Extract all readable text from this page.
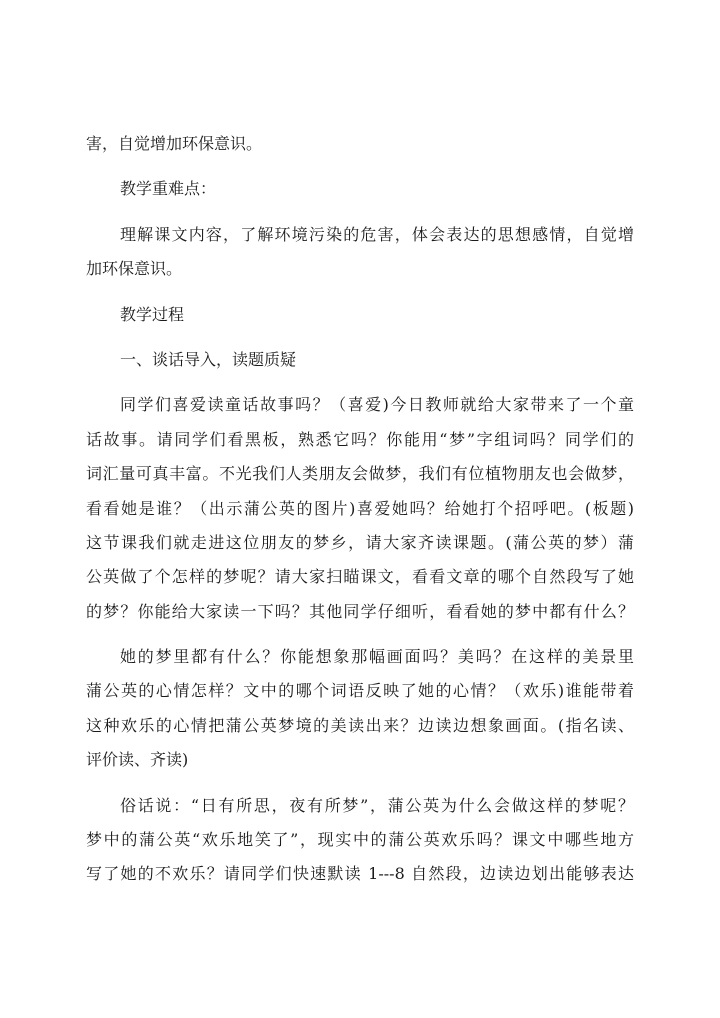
害，自觉增加环保意识。
教学重难点：
理解课文内容，了解环境污染的危害，体会表达的思想感情，自觉增
加环保意识。
教学过程
一、谈话导入，读题质疑
同学们喜爱读童话故事吗？（喜爱)今日教师就给大家带来了一个童
话故事。请同学们看黑板，熟悉它吗？你能用“梦”字组词吗？同学们的
词汇量可真丰富。不光我们人类朋友会做梦，我们有位植物朋友也会做梦，
看看她是谁？（出示蒲公英的图片)喜爱她吗？给她打个招呼吧。(板题)
这节课我们就走进这位朋友的梦乡，请大家齐读课题。(蒲公英的梦）蒲
公英做了个怎样的梦呢？请大家扫瞄课文，看看文章的哪个自然段写了她
的梦？你能给大家读一下吗？其他同学仔细听，看看她的梦中都有什么？
她的梦里都有什么？你能想象那幅画面吗？美吗？在这样的美景里
蒲公英的心情怎样？文中的哪个词语反映了她的心情？（欢乐)谁能带着
这种欢乐的心情把蒲公英梦境的美读出来？边读边想象画面。(指名读、
评价读、齐读)
俗话说：“日有所思，夜有所梦”，蒲公英为什么会做这样的梦呢？
梦中的蒲公英“欢乐地笑了”，现实中的蒲公英欢乐吗？课文中哪些地方
写了她的不欢乐？请同学们快速默读 1---8 自然段，边读边划出能够表达
